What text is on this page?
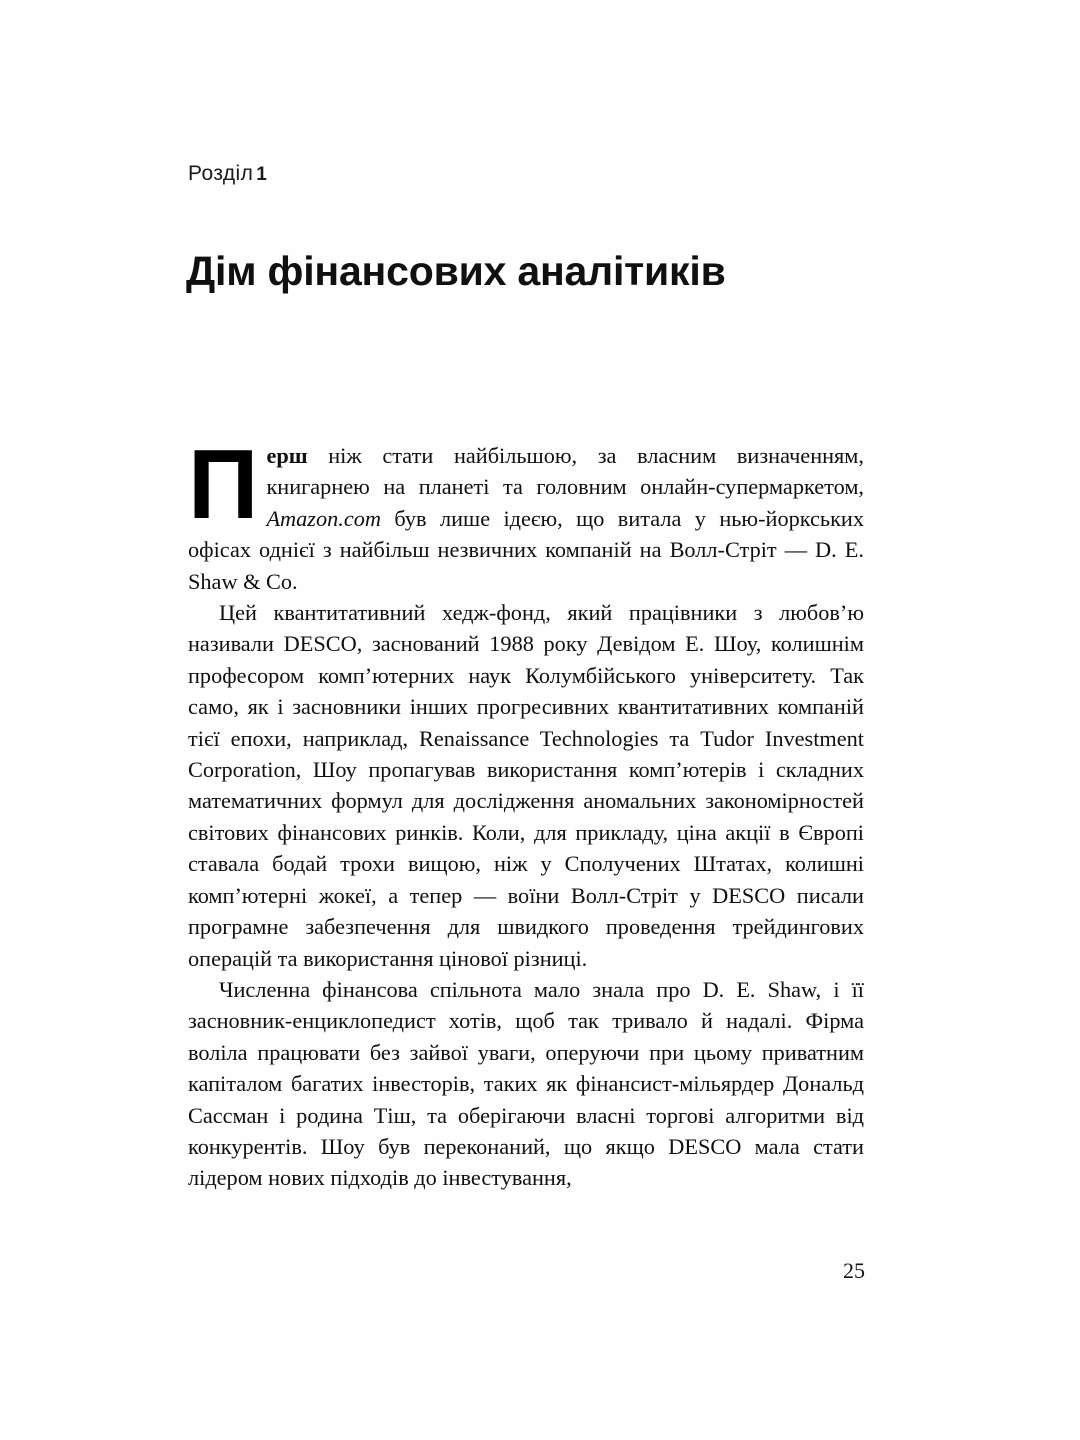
Розділ 1
Дім фінансових аналітиків

Перш ніж стати найбільшою, за власним визначенням, книгарнею на планеті та головним онлайн-супермаркетом, Amazon.com був лише ідеєю, що витала у нью-йоркських офісах однієї з найбільш незвичних компаній на Волл-Стріт — D. E. Shaw & Co.

Цей квантитативний хедж-фонд, який працівники з любов’ю називали DESCO, заснований 1988 року Девідом Е. Шоу, колишнім професором комп’ютерних наук Колумбійського університету. Так само, як і засновники інших прогресивних квантитативних компаній тієї епохи, наприклад, Renaissance Technologies та Tudor Investment Corporation, Шоу пропагував використання комп’ютерів і складних математичних формул для дослідження аномальних закономірностей світових фінансових ринків. Коли, для прикладу, ціна акції в Європі ставала бодай трохи вищою, ніж у Сполучених Штатах, колишні комп’ютерні жокеї, а тепер — воїни Волл-Стріт у DESCO писали програмне забезпечення для швидкого проведення трейдингових операцій та використання цінової різниці.

Численна фінансова спільнота мало знала про D. E. Shaw, і її засновник-енциклопедист хотів, щоб так тривало й надалі. Фірма воліла працювати без зайвої уваги, оперуючи при цьому приватним капіталом багатих інвесторів, таких як фінансист-мільярдер Дональд Сассман і родина Тіш, та оберігаючи власні торгові алгоритми від конкурентів. Шоу був переконаний, що якщо DESCO мала стати лідером нових підходів до інвестування,

25
